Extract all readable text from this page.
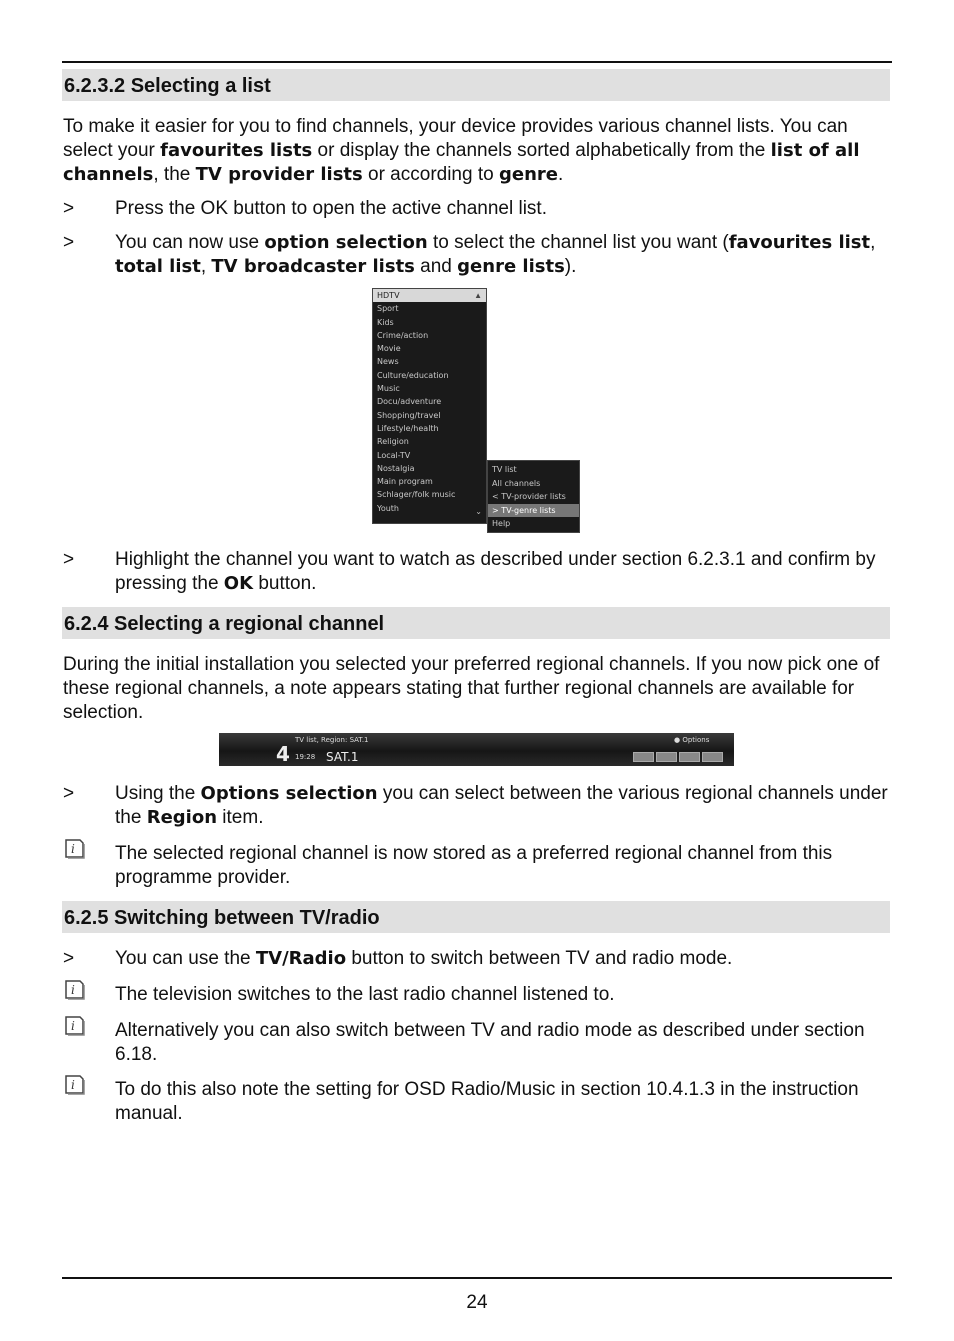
6.2.3.2 Selecting a list
To make it easier for you to find channels, your device provides various channel lists. You can select your favourites lists or display the channels sorted alphabetically from the list of all channels, the TV provider lists or according to genre.
>	Press the OK button to open the active channel list.
>	You can now use option selection to select the channel list you want (favourites list, total list, TV broadcaster lists and genre lists).
HDTV
Sport
Kids
Crime/action
Movie
News
Culture/education
Music
Docu/adventure
Shopping/travel
Lifestyle/health
Religion
Local-TV
Nostalgia
Main program
Schlager/folk music
Youth
▲
⌄
TV list
All channels
< TV-provider lists
> TV-genre lists
Help
>	Highlight the channel you want to watch as described under section 6.2.3.1 and confirm by pressing the OK button.
6.2.4 Selecting a regional channel
During the initial installation you selected your preferred regional channels. If you now pick one of these regional channels, a note appears stating that further regional channels are available for selection.
TV list, Region: SAT.1
4 19:28 SAT.1
● Options
>	Using the Options selection you can select between the various regional channels under the Region item.
i The selected regional channel is now stored as a preferred regional channel from this programme provider.
6.2.5 Switching between TV/radio
>	You can use the TV/Radio button to switch between TV and radio mode.
i The television switches to the last radio channel listened to.
i Alternatively you can also switch between TV and radio mode as described under section 6.18.
i To do this also note the setting for OSD Radio/Music in section 10.4.1.3 in the instruction manual.
24
